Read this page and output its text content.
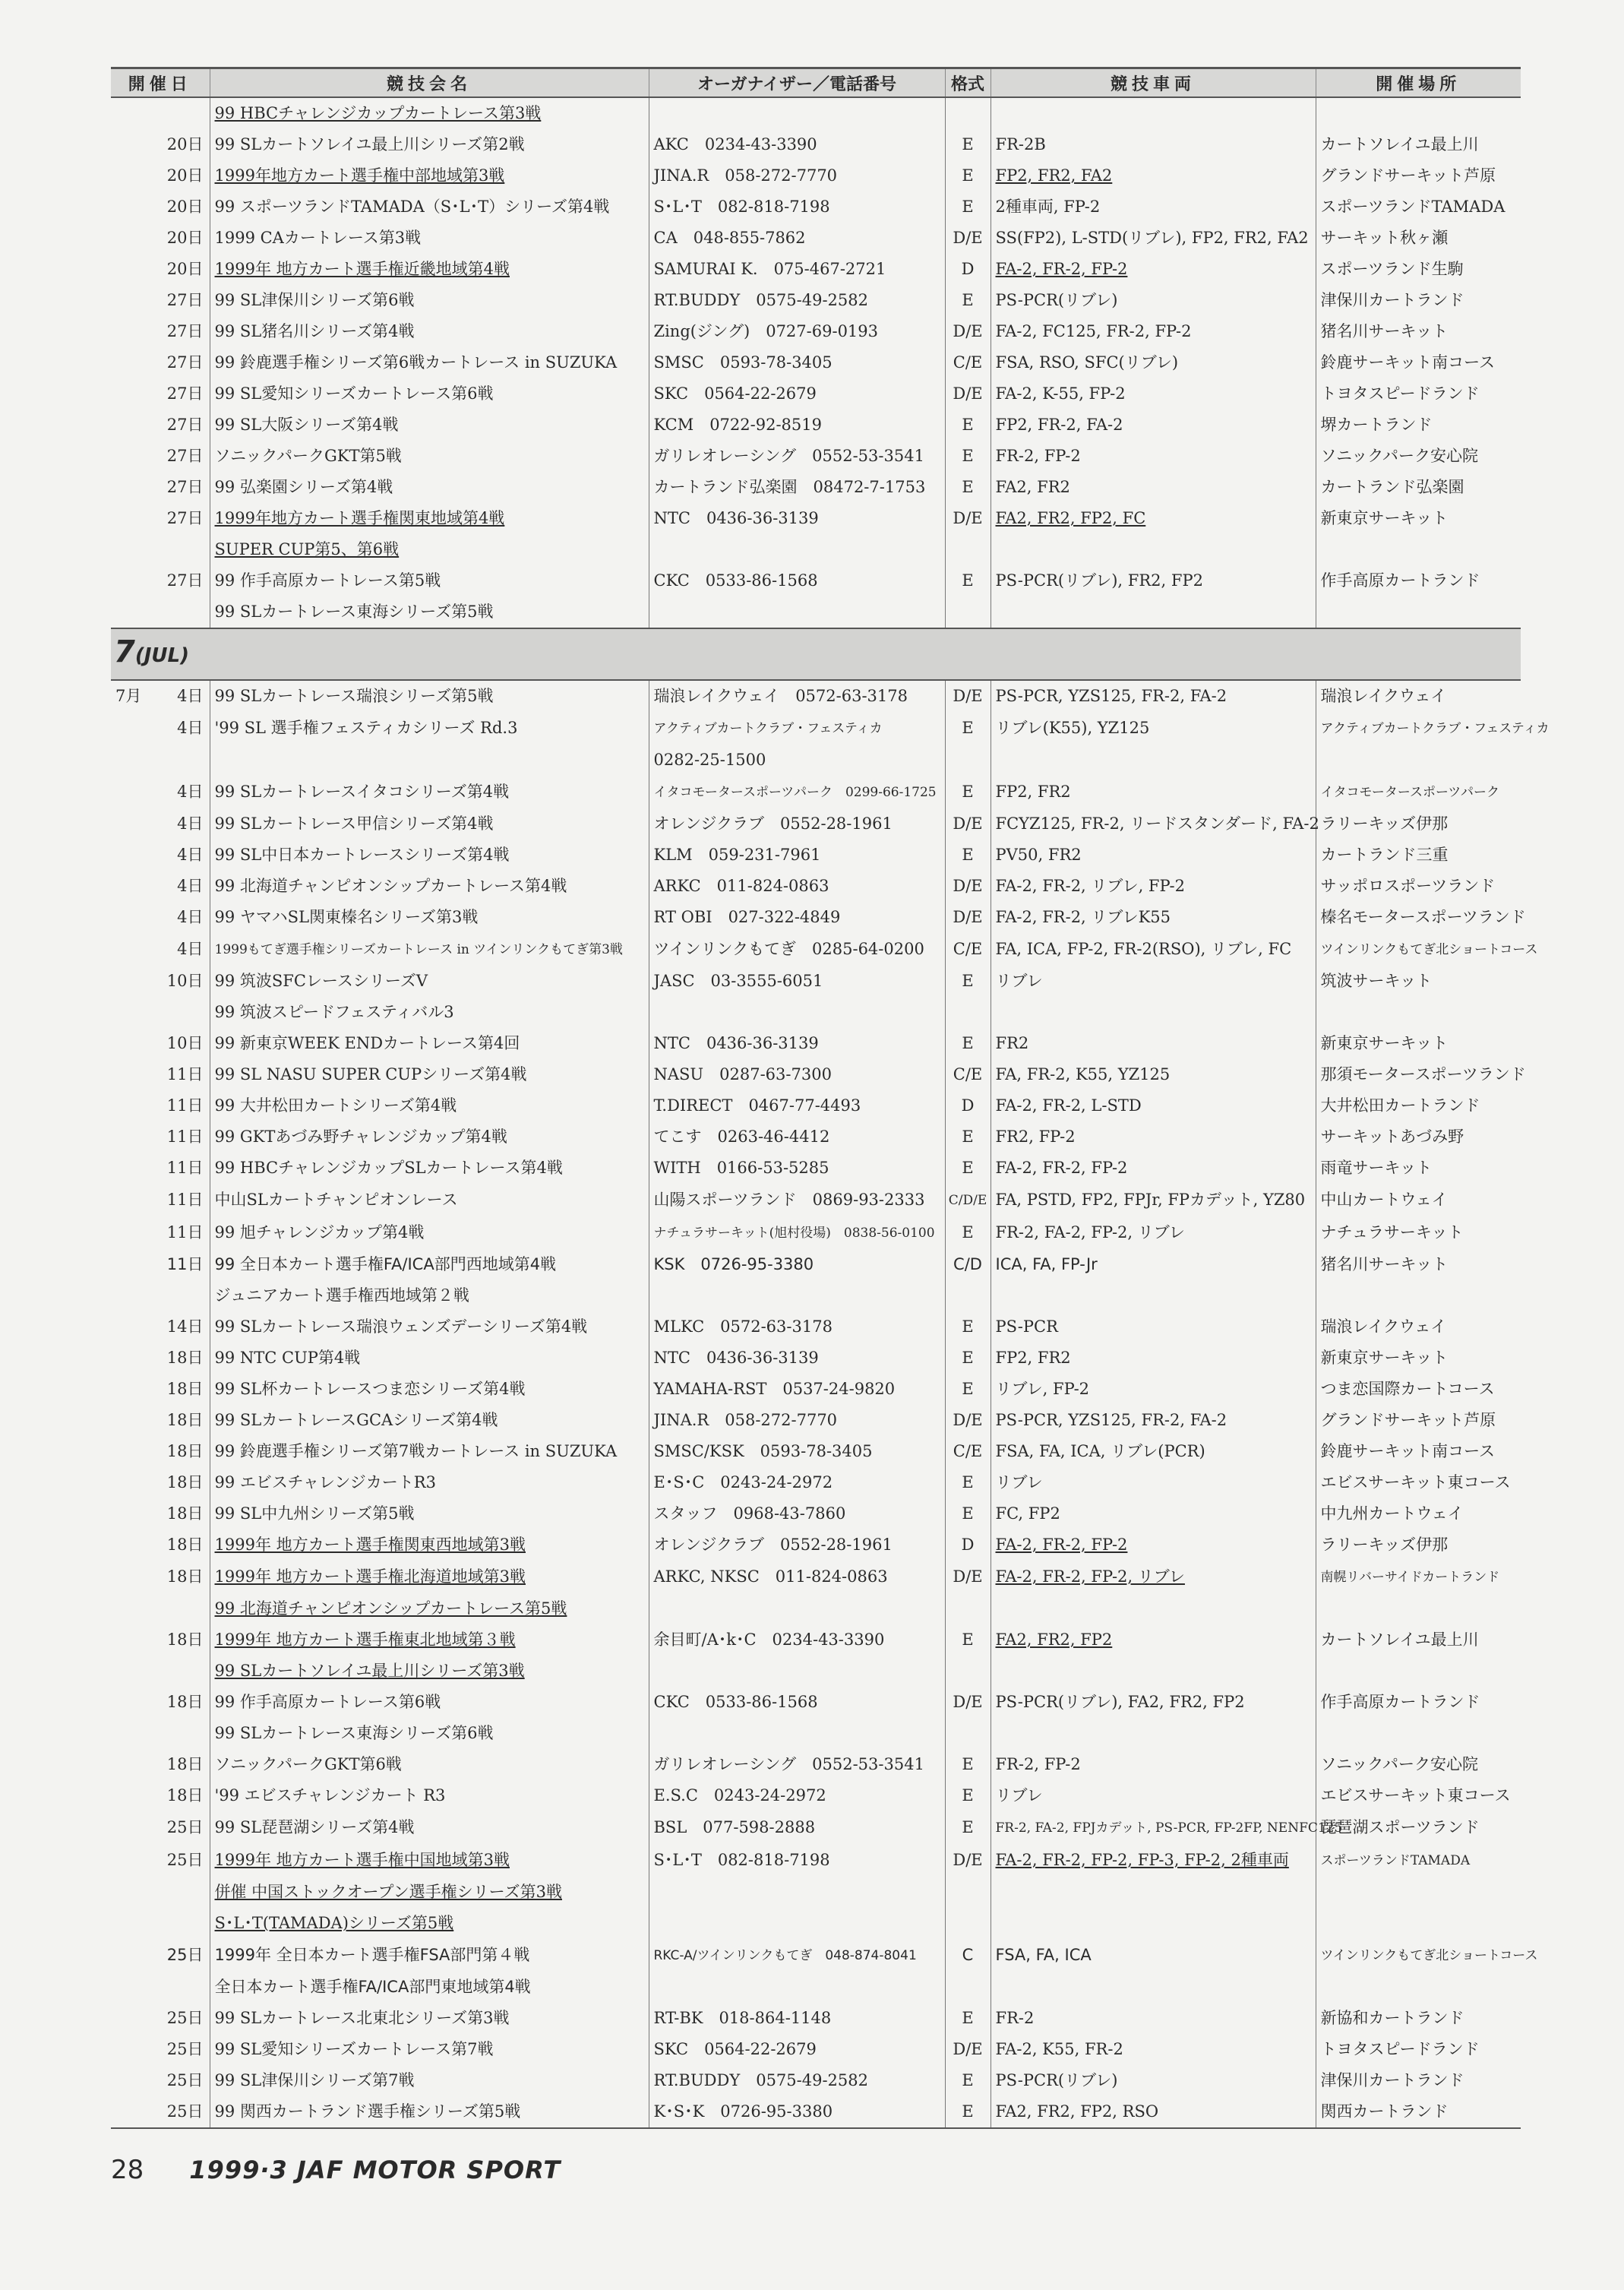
開催日	競技会名	オーガナイザー／電話番号	格式	競技車両	開催場所
	99 HBCチャレンジカップカートレース第3戦				
20日	99 SLカートソレイユ最上川シリーズ第2戦	AKC　0234-43-3390	E	FR-2B	カートソレイユ最上川
20日	1999年地方カート選手権中部地域第3戦	JINA.R　058-272-7770	E	FP2, FR2, FA2	グランドサーキット芦原
20日	99 スポーツランドTAMADA（S･L･T）シリーズ第4戦	S･L･T　082-818-7198	E	2種車両, FP-2	スポーツランドTAMADA
20日	1999 CAカートレース第3戦	CA　048-855-7862	D/E	SS(FP2), L-STD(リブレ), FP2, FR2, FA2	サーキット秋ヶ瀬
20日	1999年 地方カート選手権近畿地域第4戦	SAMURAI K.　075-467-2721	D	FA-2, FR-2, FP-2	スポーツランド生駒
27日	99 SL津保川シリーズ第6戦	RT.BUDDY　0575-49-2582	E	PS-PCR(リブレ)	津保川カートランド
27日	99 SL猪名川シリーズ第4戦	Zing(ジング)　0727-69-0193	D/E	FA-2, FC125, FR-2, FP-2	猪名川サーキット
27日	99 鈴鹿選手権シリーズ第6戦カートレース in SUZUKA	SMSC　0593-78-3405	C/E	FSA, RSO, SFC(リブレ)	鈴鹿サーキット南コース
27日	99 SL愛知シリーズカートレース第6戦	SKC　0564-22-2679	D/E	FA-2, K-55, FP-2	トヨタスピードランド
27日	99 SL大阪シリーズ第4戦	KCM　0722-92-8519	E	FP2, FR-2, FA-2	堺カートランド
27日	ソニックパークGKT第5戦	ガリレオレーシング　0552-53-3541	E	FR-2, FP-2	ソニックパーク安心院
27日	99 弘楽園シリーズ第4戦	カートランド弘楽園　08472-7-1753	E	FA2, FR2	カートランド弘楽園
27日	1999年地方カート選手権関東地域第4戦	NTC　0436-36-3139	D/E	FA2, FR2, FP2, FC	新東京サーキット
	SUPER CUP第5、第6戦				
27日	99 作手高原カートレース第5戦	CKC　0533-86-1568	E	PS-PCR(リブレ), FR2, FP2	作手高原カートランド
	99 SLカートレース東海シリーズ第5戦				
7(JUL)					

7月 4日	99 SLカートレース瑞浪シリーズ第5戦	瑞浪レイクウェイ　0572-63-3178	D/E	PS-PCR, YZS125, FR-2, FA-2	瑞浪レイクウェイ
4日	'99 SL 選手権フェスティカシリーズ Rd.3	アクティブカートクラブ・フェスティカ	E	リブレ(K55), YZ125	アクティブカートクラブ・フェスティカ
		0282-25-1500			
4日	99 SLカートレースイタコシリーズ第4戦	イタコモータースポーツパーク　0299-66-1725	E	FP2, FR2	イタコモータースポーツパーク
4日	99 SLカートレース甲信シリーズ第4戦	オレンジクラブ　0552-28-1961	D/E	FCYZ125, FR-2, リードスタンダード, FA-2	ラリーキッズ伊那
4日	99 SL中日本カートレースシリーズ第4戦	KLM　059-231-7961	E	PV50, FR2	カートランド三重
4日	99 北海道チャンピオンシップカートレース第4戦	ARKC　011-824-0863	D/E	FA-2, FR-2, リブレ, FP-2	サッポロスポーツランド
4日	99 ヤマハSL関東榛名シリーズ第3戦	RT OBI　027-322-4849	D/E	FA-2, FR-2, リブレK55	榛名モータースポーツランド
4日	1999もてぎ選手権シリーズカートレース in ツインリンクもてぎ第3戦	ツインリンクもてぎ　0285-64-0200	C/E	FA, ICA, FP-2, FR-2(RSO), リブレ, FC	ツインリンクもてぎ北ショートコース
10日	99 筑波SFCレースシリーズV	JASC　03-3555-6051	E	リブレ	筑波サーキット
	99 筑波スピードフェスティバル3				
10日	99 新東京WEEK ENDカートレース第4回	NTC　0436-36-3139	E	FR2	新東京サーキット
11日	99 SL NASU SUPER CUPシリーズ第4戦	NASU　0287-63-7300	C/E	FA, FR-2, K55, YZ125	那須モータースポーツランド
11日	99 大井松田カートシリーズ第4戦	T.DIRECT　0467-77-4493	D	FA-2, FR-2, L-STD	大井松田カートランド
11日	99 GKTあづみ野チャレンジカップ第4戦	てこす　0263-46-4412	E	FR2, FP-2	サーキットあづみ野
11日	99 HBCチャレンジカップSLカートレース第4戦	WITH　0166-53-5285	E	FA-2, FR-2, FP-2	雨竜サーキット
11日	中山SLカートチャンピオンレース	山陽スポーツランド　0869-93-2333	C/D/E	FA, PSTD, FP2, FPJr, FPカデット, YZ80	中山カートウェイ
11日	99 旭チャレンジカップ第4戦	ナチュラサーキット(旭村役場)　0838-56-0100	E	FR-2, FA-2, FP-2, リブレ	ナチュラサーキット
11日	99 全日本カート選手権FA/ICA部門西地域第4戦	KSK　0726-95-3380	C/D	ICA, FA, FP-Jr	猪名川サーキット
	ジュニアカート選手権西地域第２戦				
14日	99 SLカートレース瑞浪ウェンズデーシリーズ第4戦	MLKC　0572-63-3178	E	PS-PCR	瑞浪レイクウェイ
18日	99 NTC CUP第4戦	NTC　0436-36-3139	E	FP2, FR2	新東京サーキット
18日	99 SL杯カートレースつま恋シリーズ第4戦	YAMAHA-RST　0537-24-9820	E	リブレ, FP-2	つま恋国際カートコース
18日	99 SLカートレースGCAシリーズ第4戦	JINA.R　058-272-7770	D/E	PS-PCR, YZS125, FR-2, FA-2	グランドサーキット芦原
18日	99 鈴鹿選手権シリーズ第7戦カートレース in SUZUKA	SMSC/KSK　0593-78-3405	C/E	FSA, FA, ICA, リブレ(PCR)	鈴鹿サーキット南コース
18日	99 エビスチャレンジカートR3	E･S･C　0243-24-2972	E	リブレ	エビスサーキット東コース
18日	99 SL中九州シリーズ第5戦	スタッフ　0968-43-7860	E	FC, FP2	中九州カートウェイ
18日	1999年 地方カート選手権関東西地域第3戦	オレンジクラブ　0552-28-1961	D	FA-2, FR-2, FP-2	ラリーキッズ伊那
18日	1999年 地方カート選手権北海道地域第3戦	ARKC, NKSC　011-824-0863	D/E	FA-2, FR-2, FP-2, リブレ	南幌リバーサイドカートランド
	99 北海道チャンピオンシップカートレース第5戦				
18日	1999年 地方カート選手権東北地域第３戦	余目町/A･k･C　0234-43-3390	E	FA2, FR2, FP2	カートソレイユ最上川
	99 SLカートソレイユ最上川シリーズ第3戦				
18日	99 作手高原カートレース第6戦	CKC　0533-86-1568	D/E	PS-PCR(リブレ), FA2, FR2, FP2	作手高原カートランド
	99 SLカートレース東海シリーズ第6戦				
18日	ソニックパークGKT第6戦	ガリレオレーシング　0552-53-3541	E	FR-2, FP-2	ソニックパーク安心院
18日	'99 エビスチャレンジカート R3	E.S.C　0243-24-2972	E	リブレ	エビスサーキット東コース
25日	99 SL琵琶湖シリーズ第4戦	BSL　077-598-2888	E	FR-2, FA-2, FPJカデット, PS-PCR, FP-2FP, NENFC125	琵琶湖スポーツランド
25日	1999年 地方カート選手権中国地域第3戦	S･L･T　082-818-7198	D/E	FA-2, FR-2, FP-2, FP-3, FP-2, 2種車両	スポーツランドTAMADA
	併催 中国ストックオープン選手権シリーズ第3戦				
	S･L･T(TAMADA)シリーズ第5戦				
25日	1999年 全日本カート選手権FSA部門第４戦	RKC-A/ツインリンクもてぎ　048-874-8041	C	FSA, FA, ICA	ツインリンクもてぎ北ショートコース
	全日本カート選手権FA/ICA部門東地域第4戦				
25日	99 SLカートレース北東北シリーズ第3戦	RT-BK　018-864-1148	E	FR-2	新協和カートランド
25日	99 SL愛知シリーズカートレース第7戦	SKC　0564-22-2679	D/E	FA-2, K55, FR-2	トヨタスピードランド
25日	99 SL津保川シリーズ第7戦	RT.BUDDY　0575-49-2582	E	PS-PCR(リブレ)	津保川カートランド
25日	99 関西カートランド選手権シリーズ第5戦	K･S･K　0726-95-3380	E	FA2, FR2, FP2, RSO	関西カートランド
28 1999·3 JAF MOTOR SPORT
